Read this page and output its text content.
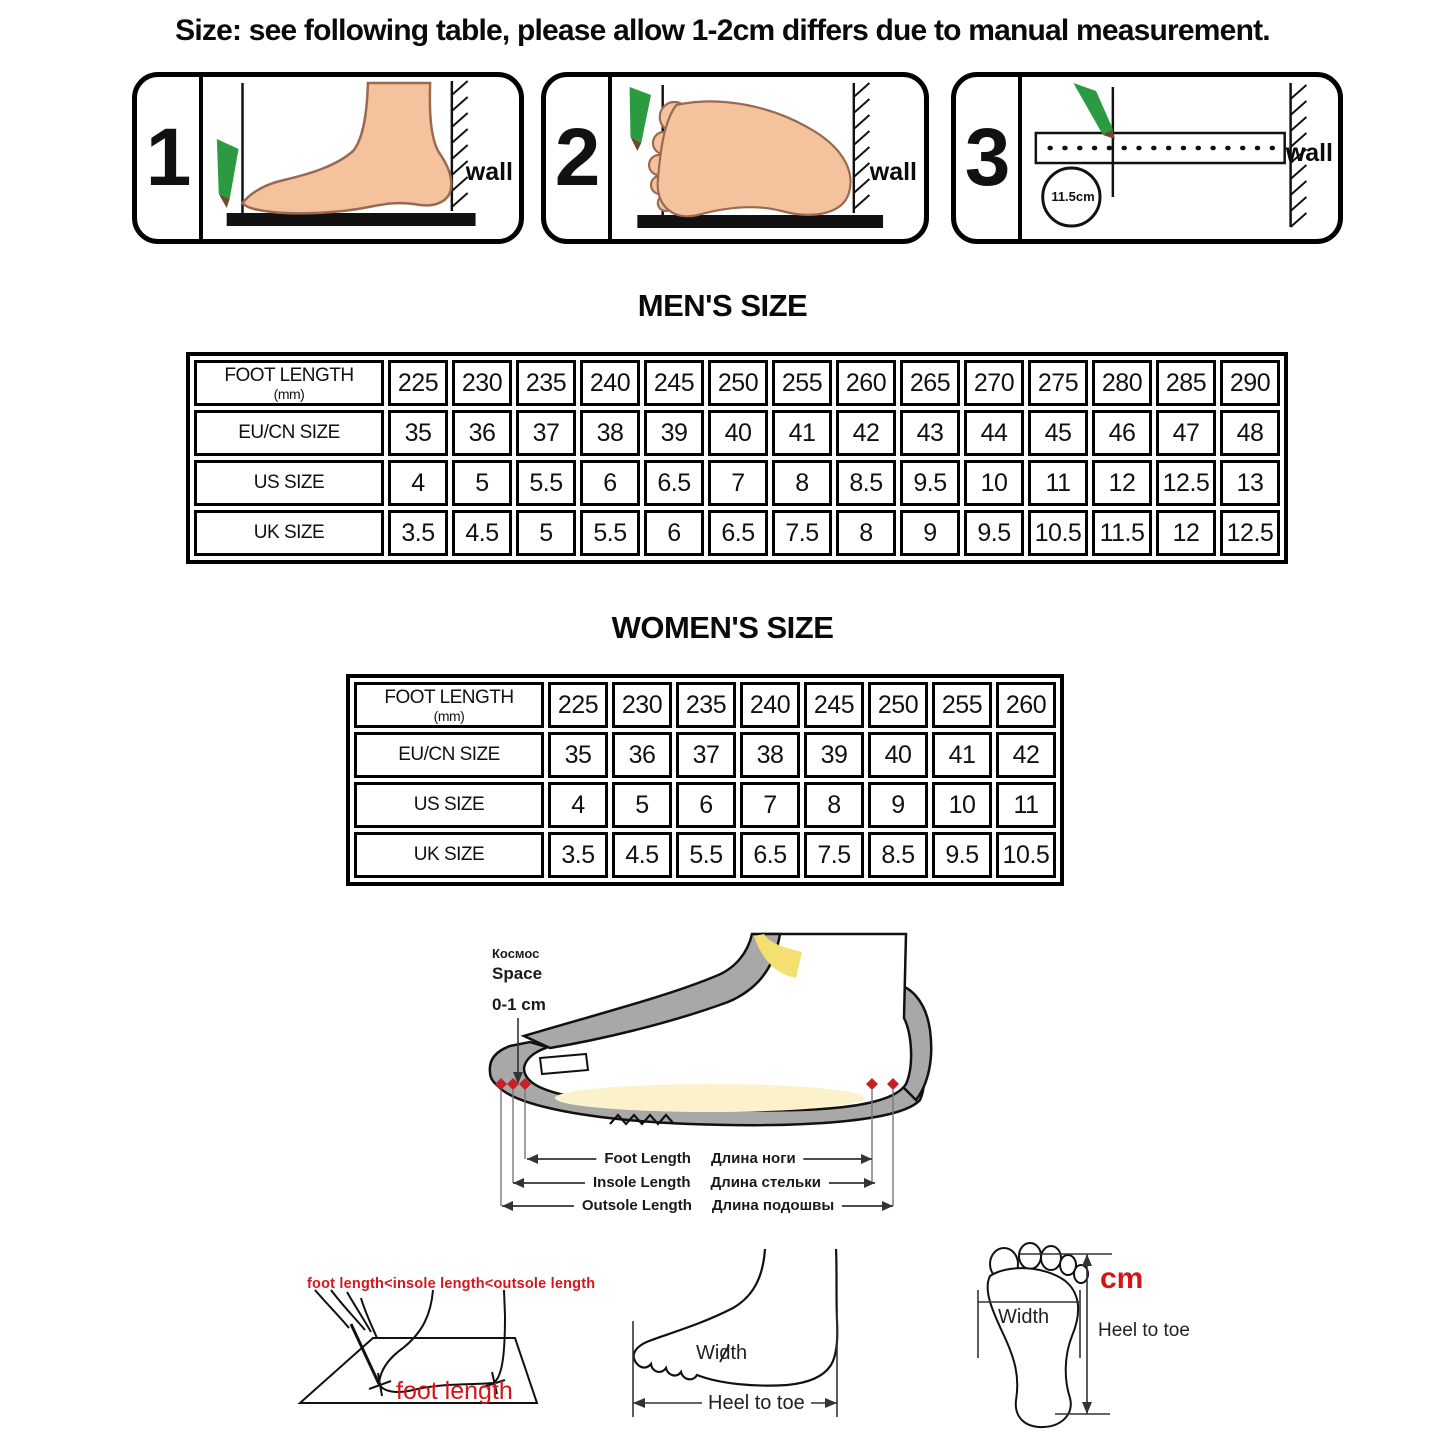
Size: see following table, please allow 1-2cm differs due to manual measurement.
1	wall 2	wall 3	11.5cm
wall
MEN'S SIZE
FOOT LENGTH
(mm)	225	230	235	240	245	250	255	260	265	270	275	280	285	290

EU/CN SIZE	35	36	37	38	39	40	41	42	43	44	45	46	47	48

US SIZE	4	5	5.5	6	6.5	7	8	8.5	9.5	10	11	12	12.5	13

UK SIZE	3.5	4.5	5	5.5	6	6.5	7.5	8	9	9.5	10.5	11.5	12	12.5
WOMEN'S SIZE
FOOT LENGTH
(mm)	225	230	235	240	245	250	255	260

EU/CN SIZE	35	36	37	38	39	40	41	42

US SIZE	4	5	6	7	8	9	10	11

UK SIZE	3.5	4.5	5.5	6.5	7.5	8.5	9.5	10.5
Космос
Space
0-1 cm
Foot Length Длина ноги
Insole Length Длина стельки
Outsole Length Длина подошвы
foot length<insole length<outsole length
foot length
Width
Heel to toe
Width
cm
Heel to toe
